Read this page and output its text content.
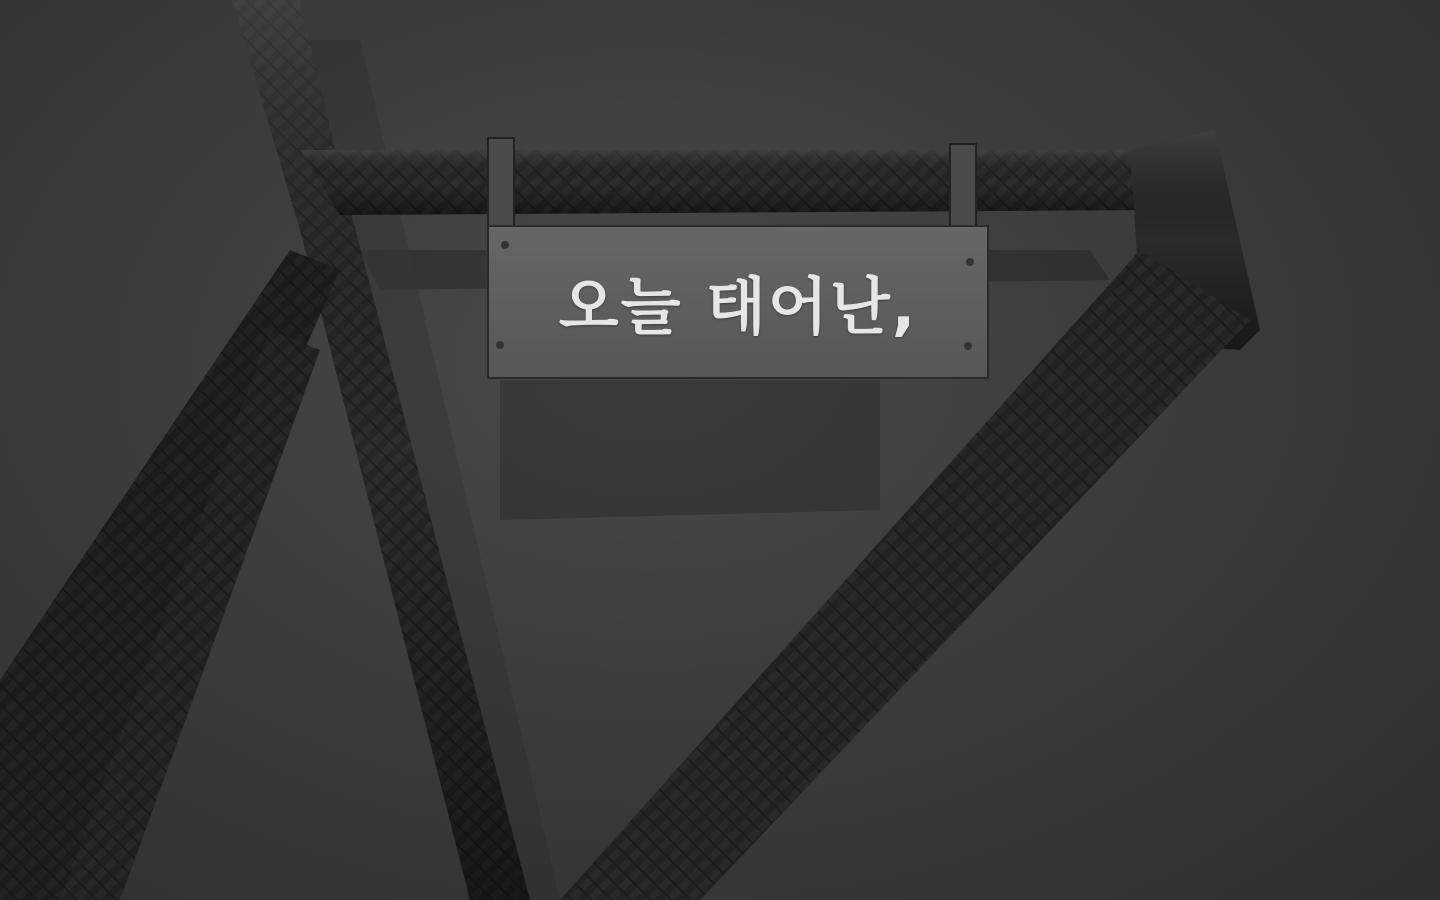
오늘 태어난,
